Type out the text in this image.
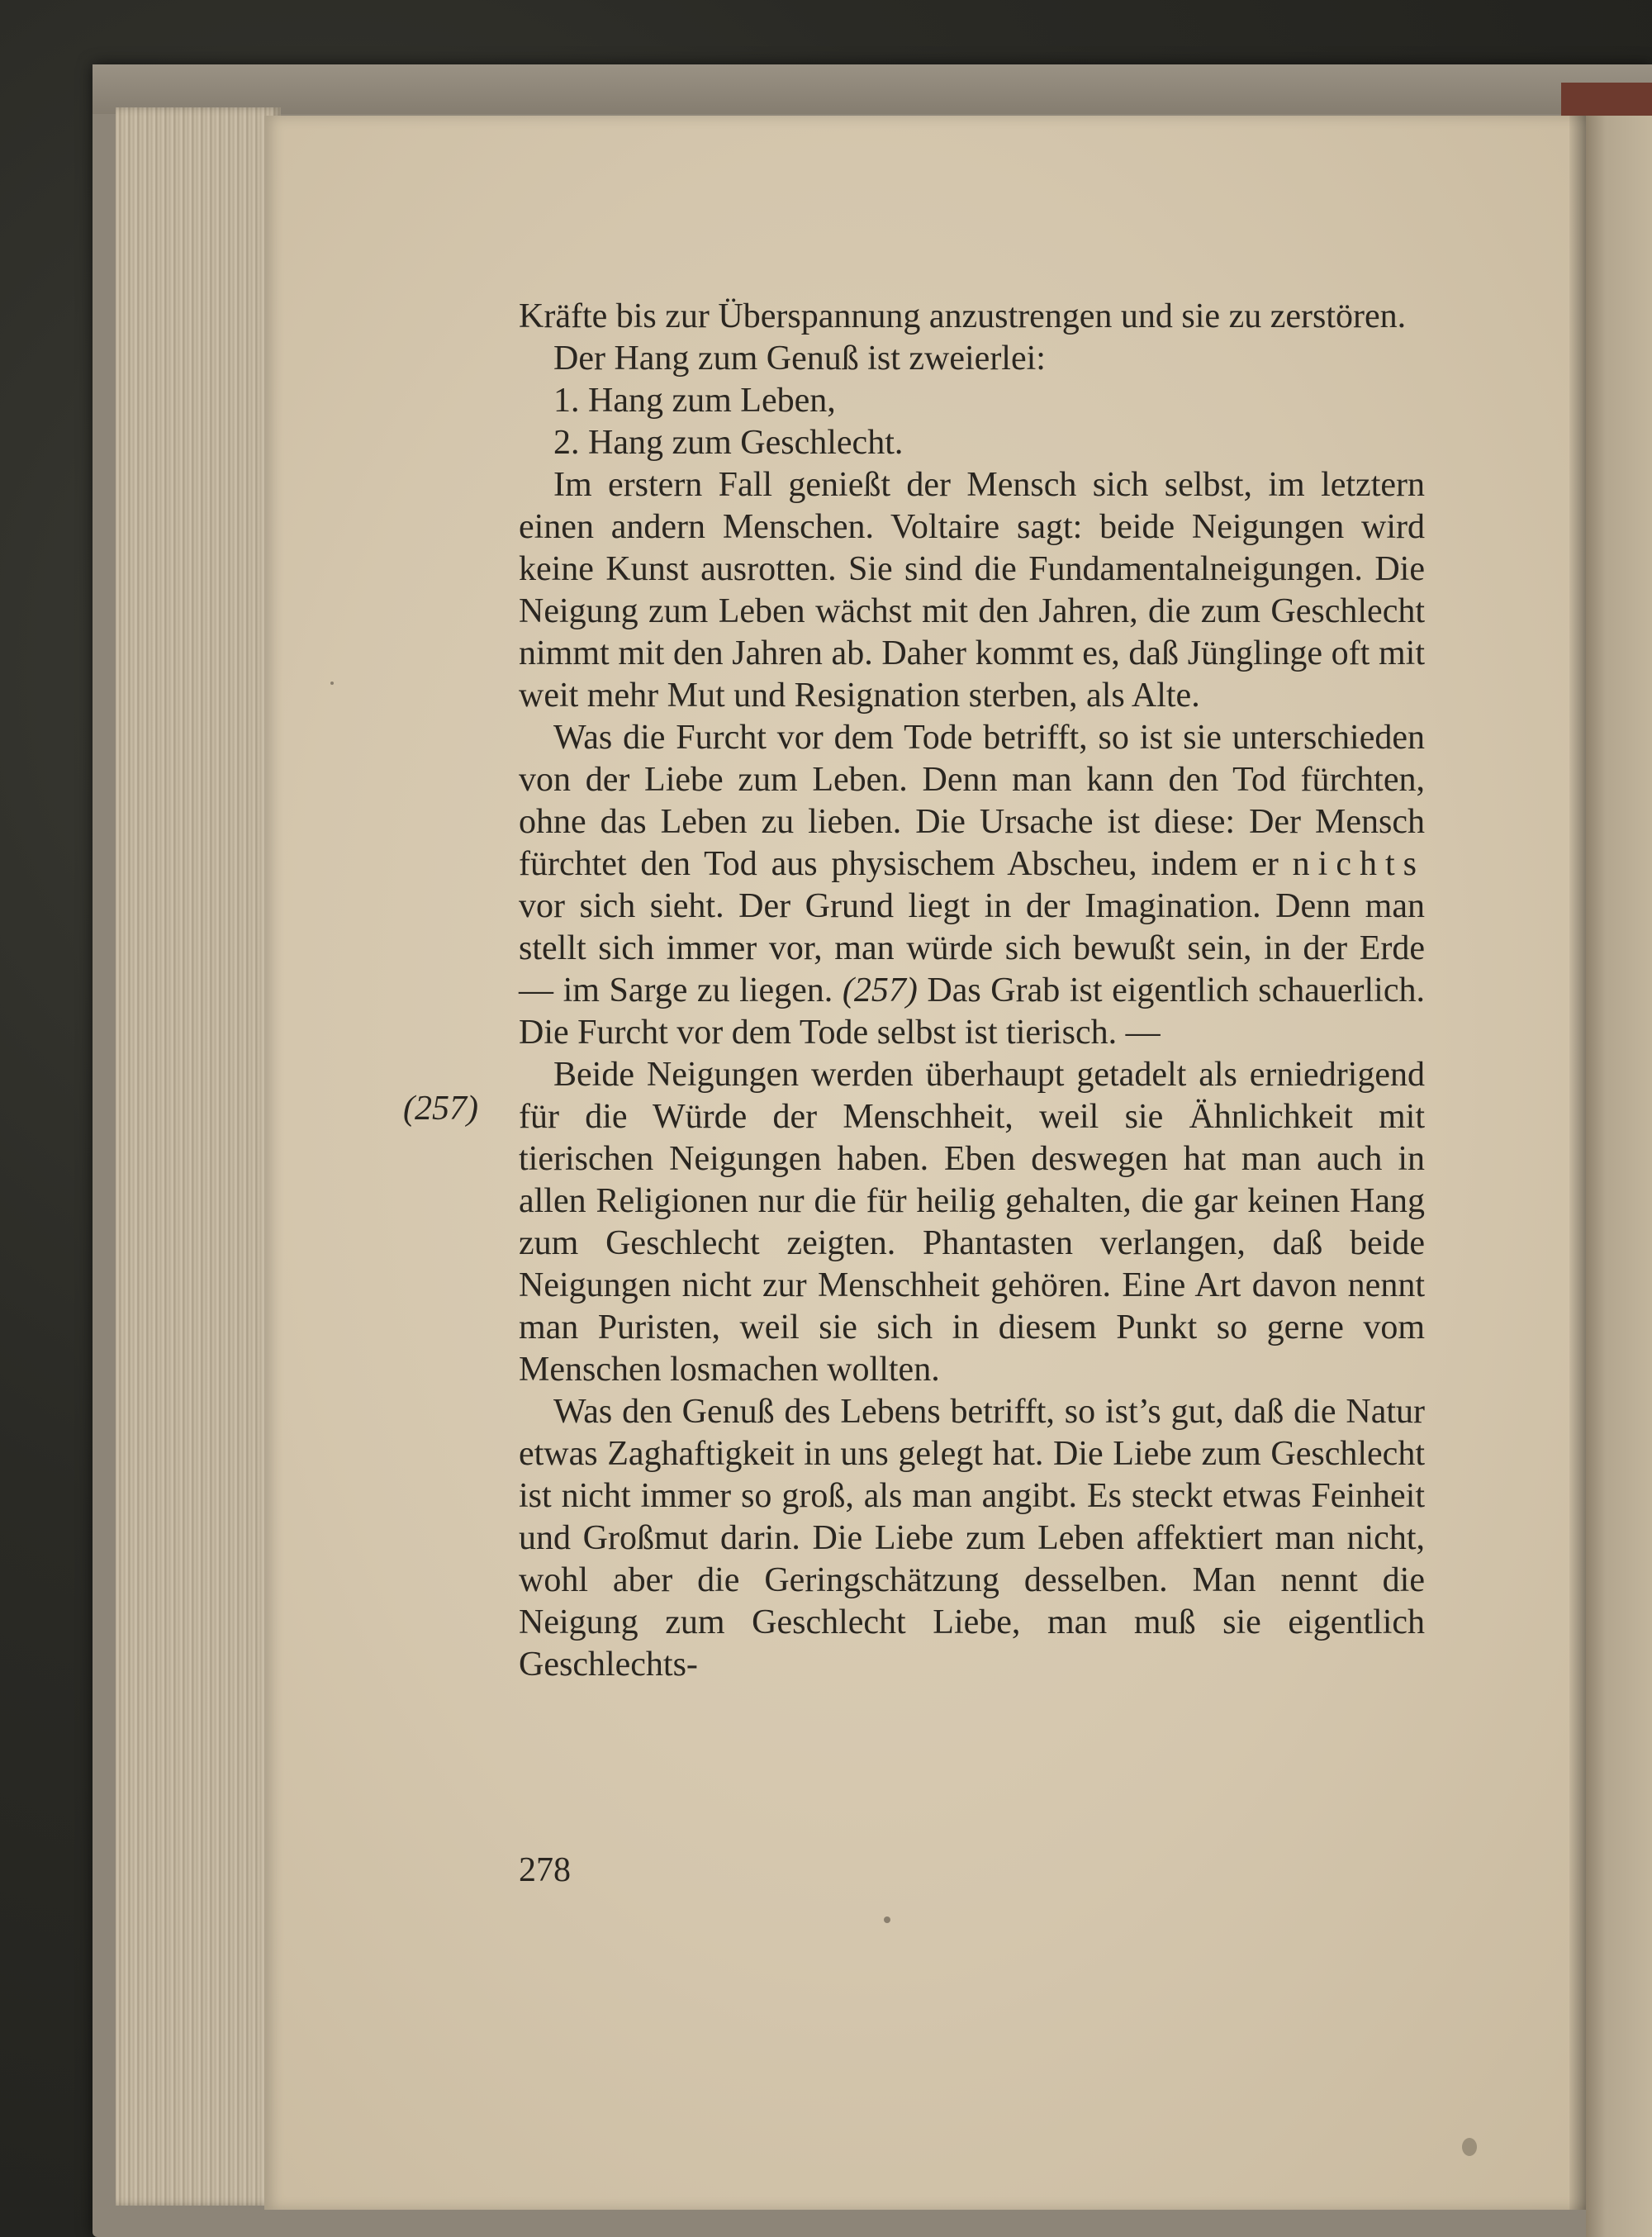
(257)

Kräfte bis zur Überspannung anzustrengen und sie zu zerstören.

Der Hang zum Genuß ist zweierlei:

1. Hang zum Leben,

2. Hang zum Geschlecht.

Im erstern Fall genießt der Mensch sich selbst, im letztern einen andern Menschen. Voltaire sagt: beide Neigungen wird keine Kunst ausrotten. Sie sind die Fundamentalneigungen. Die Neigung zum Leben wächst mit den Jahren, die zum Geschlecht nimmt mit den Jahren ab. Daher kommt es, daß Jünglinge oft mit weit mehr Mut und Resignation sterben, als Alte.

Was die Furcht vor dem Tode betrifft, so ist sie unterschieden von der Liebe zum Leben. Denn man kann den Tod fürchten, ohne das Leben zu lieben. Die Ursache ist diese: Der Mensch fürchtet den Tod aus physischem Abscheu, indem er nichts vor sich sieht. Der Grund liegt in der Imagination. Denn man stellt sich immer vor, man würde sich bewußt sein, in der Erde — im Sarge zu liegen. (257) Das Grab ist eigentlich schauerlich. Die Furcht vor dem Tode selbst ist tierisch. —

Beide Neigungen werden überhaupt getadelt als erniedrigend für die Würde der Menschheit, weil sie Ähnlichkeit mit tierischen Neigungen haben. Eben deswegen hat man auch in allen Religionen nur die für heilig gehalten, die gar keinen Hang zum Geschlecht zeigten. Phantasten verlangen, daß beide Neigungen nicht zur Menschheit gehören. Eine Art davon nennt man Puristen, weil sie sich in diesem Punkt so gerne vom Menschen losmachen wollten.

Was den Genuß des Lebens betrifft, so ist’s gut, daß die Natur etwas Zaghaftigkeit in uns gelegt hat. Die Liebe zum Geschlecht ist nicht immer so groß, als man angibt. Es steckt etwas Feinheit und Großmut darin. Die Liebe zum Leben affektiert man nicht, wohl aber die Geringschätzung desselben. Man nennt die Neigung zum Geschlecht Liebe, man muß sie eigentlich Geschlechts-

278
